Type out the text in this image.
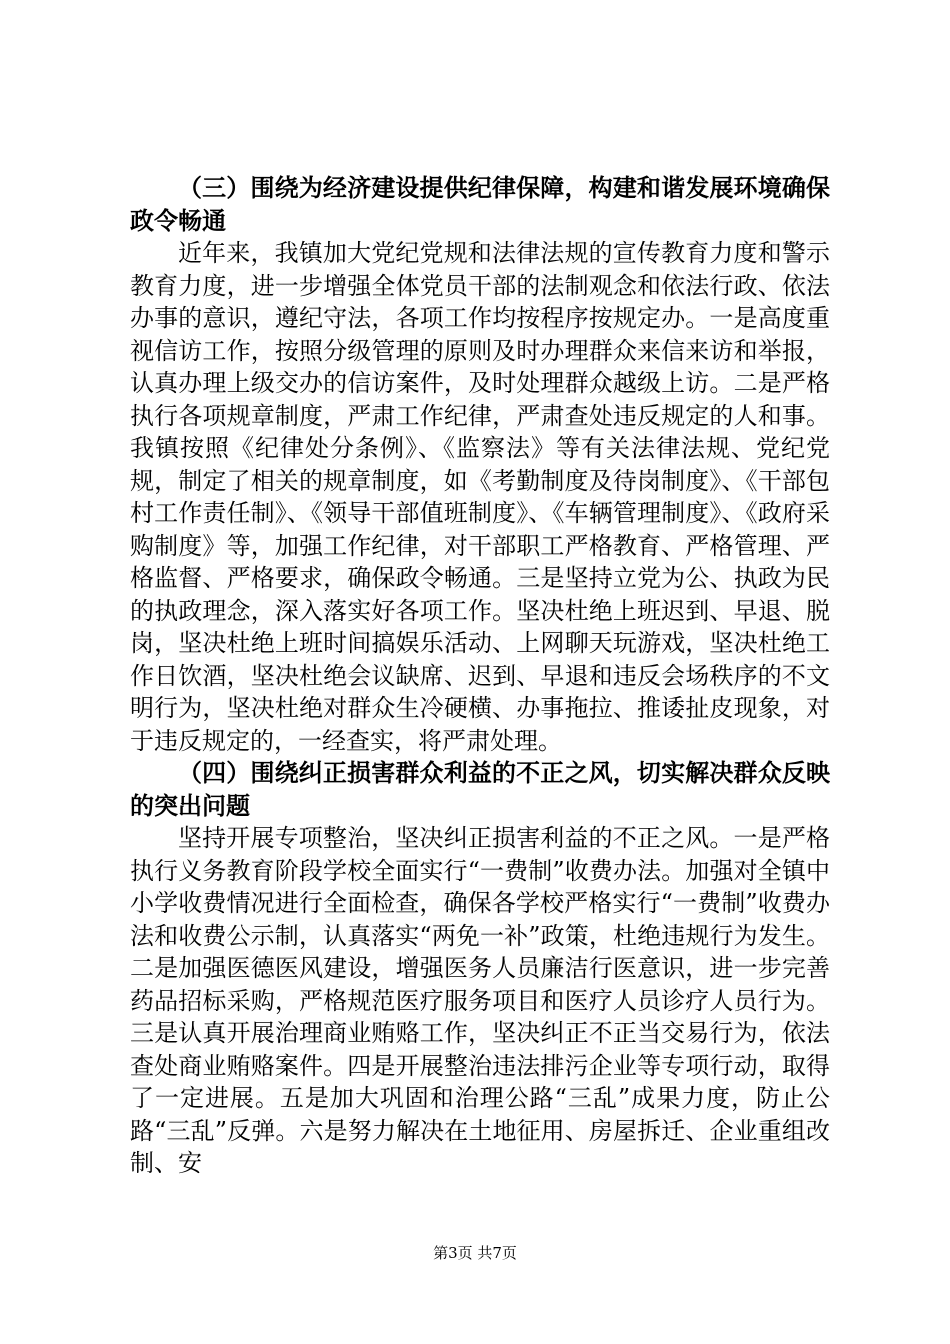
（三）围绕为经济建设提供纪律保障，构建和谐发展环境确保政令畅通

近年来，我镇加大党纪党规和法律法规的宣传教育力度和警示教育力度，进一步增强全体党员干部的法制观念和依法行政、依法办事的意识，遵纪守法，各项工作均按程序按规定办。一是高度重视信访工作，按照分级管理的原则及时办理群众来信来访和举报，认真办理上级交办的信访案件，及时处理群众越级上访。二是严格执行各项规章制度，严肃工作纪律，严肃查处违反规定的人和事。我镇按照《纪律处分条例》、《监察法》等有关法律法规、党纪党规，制定了相关的规章制度，如《考勤制度及待岗制度》、《干部包村工作责任制》、《领导干部值班制度》、《车辆管理制度》、《政府采购制度》等，加强工作纪律，对干部职工严格教育、严格管理、严格监督、严格要求，确保政令畅通。三是坚持立党为公、执政为民的执政理念，深入落实好各项工作。坚决杜绝上班迟到、早退、脱岗，坚决杜绝上班时间搞娱乐活动、上网聊天玩游戏，坚决杜绝工作日饮酒，坚决杜绝会议缺席、迟到、早退和违反会场秩序的不文明行为，坚决杜绝对群众生冷硬横、办事拖拉、推诿扯皮现象，对于违反规定的，一经查实，将严肃处理。

（四）围绕纠正损害群众利益的不正之风，切实解决群众反映的突出问题

坚持开展专项整治，坚决纠正损害利益的不正之风。一是严格执行义务教育阶段学校全面实行“一费制”收费办法。加强对全镇中小学收费情况进行全面检查，确保各学校严格实行“一费制”收费办法和收费公示制，认真落实“两免一补”政策，杜绝违规行为发生。二是加强医德医风建设，增强医务人员廉洁行医意识，进一步完善药品招标采购，严格规范医疗服务项目和医疗人员诊疗人员行为。三是认真开展治理商业贿赂工作，坚决纠正不正当交易行为，依法查处商业贿赂案件。四是开展整治违法排污企业等专项行动，取得了一定进展。五是加大巩固和治理公路“三乱”成果力度，防止公路“三乱”反弹。六是努力解决在土地征用、房屋拆迁、企业重组改制、安

第3页 共7页
